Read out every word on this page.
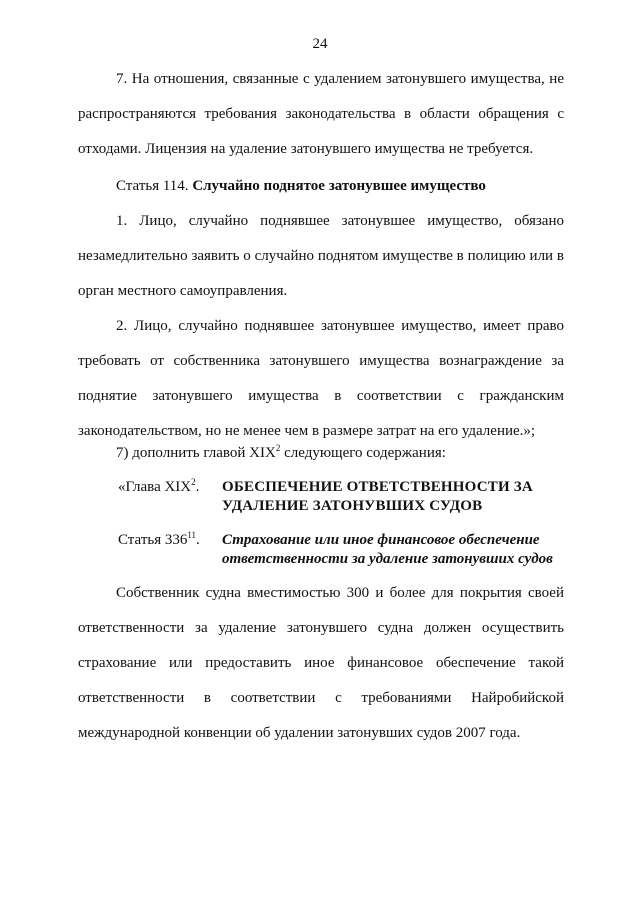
24

7. На отношения, связанные с удалением затонувшего имущества, не распространяются требования законодательства в области обращения с отходами. Лицензия на удаление затонувшего имущества не требуется.

Статья 114. Случайно поднятое затонувшее имущество

1. Лицо, случайно поднявшее затонувшее имущество, обязано незамедлительно заявить о случайно поднятом имуществе в полицию или в орган местного самоуправления.

2. Лицо, случайно поднявшее затонувшее имущество, имеет право требовать от собственника затонувшего имущества вознаграждение за поднятие затонувшего имущества в соответствии с гражданским законодательством, но не менее чем в размере затрат на его удаление.»;

7) дополнить главой XIX$^2$ следующего содержания:

«Глава XIX$^2$.	ОБЕСПЕЧЕНИЕ ОТВЕТСТВЕННОСТИ ЗА
УДАЛЕНИЕ ЗАТОНУВШИХ СУДОВ
Статья $336^{11}$.	Страхование или иное финансовое обеспечение
ответственности за удаление затонувших судов

Собственник судна вместимостью 300 и более для покрытия своей ответственности за удаление затонувшего судна должен осуществить страхование или предоставить иное финансовое обеспечение такой ответственности в соответствии с требованиями Найробийской международной конвенции об удалении затонувших судов 2007 года.
